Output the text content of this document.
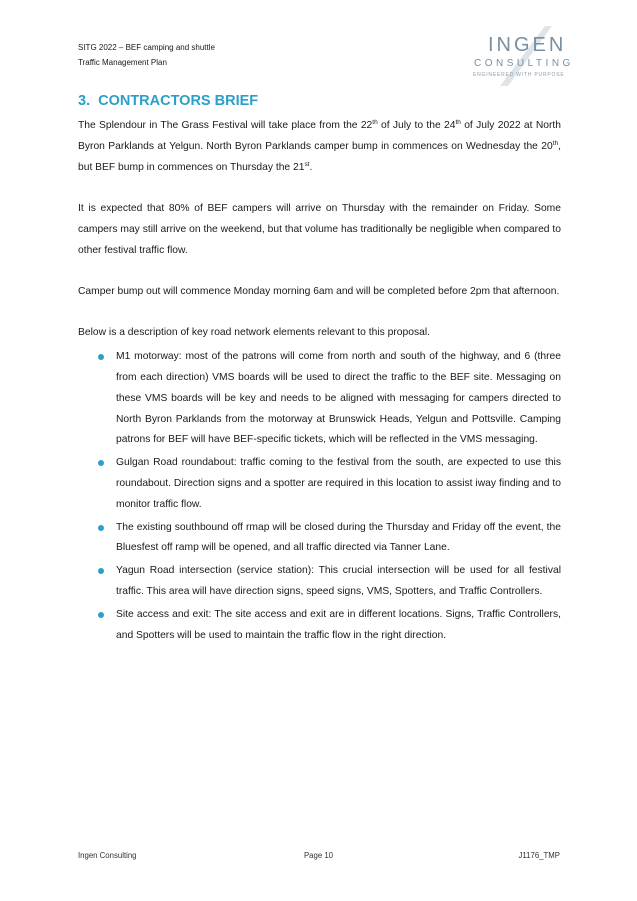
SITG 2022 – BEF camping and shuttle
Traffic Management Plan
INGEN
CONSULTING
ENGINEERED WITH PURPOSE
3. CONTRACTORS BRIEF

The Splendour in The Grass Festival will take place from the 22th of July to the 24th of July 2022 at North Byron Parklands at Yelgun. North Byron Parklands camper bump in commences on Wednesday the 20th, but BEF bump in commences on Thursday the 21st.

It is expected that 80% of BEF campers will arrive on Thursday with the remainder on Friday. Some campers may still arrive on the weekend, but that volume has traditionally be negligible when compared to other festival traffic flow.

Camper bump out will commence Monday morning 6am and will be completed before 2pm that afternoon.

Below is a description of key road network elements relevant to this proposal.

M1 motorway: most of the patrons will come from north and south of the highway, and 6 (three from each direction) VMS boards will be used to direct the traffic to the BEF site. Messaging on these VMS boards will be key and needs to be aligned with messaging for campers directed to North Byron Parklands from the motorway at Brunswick Heads, Yelgun and Pottsville. Camping patrons for BEF will have BEF-specific tickets, which will be reflected in the VMS messaging.
Gulgan Road roundabout: traffic coming to the festival from the south, are expected to use this roundabout. Direction signs and a spotter are required in this location to assist iway finding and to monitor traffic flow.
The existing southbound off rmap will be closed during the Thursday and Friday off the event, the Bluesfest off ramp will be opened, and all traffic directed via Tanner Lane.
Yagun Road intersection (service station): This crucial intersection will be used for all festival traffic. This area will have direction signs, speed signs, VMS, Spotters, and Traffic Controllers.
Site access and exit: The site access and exit are in different locations. Signs, Traffic Controllers, and Spotters will be used to maintain the traffic flow in the right direction.
Ingen Consulting	Page 10	J1176_TMP
